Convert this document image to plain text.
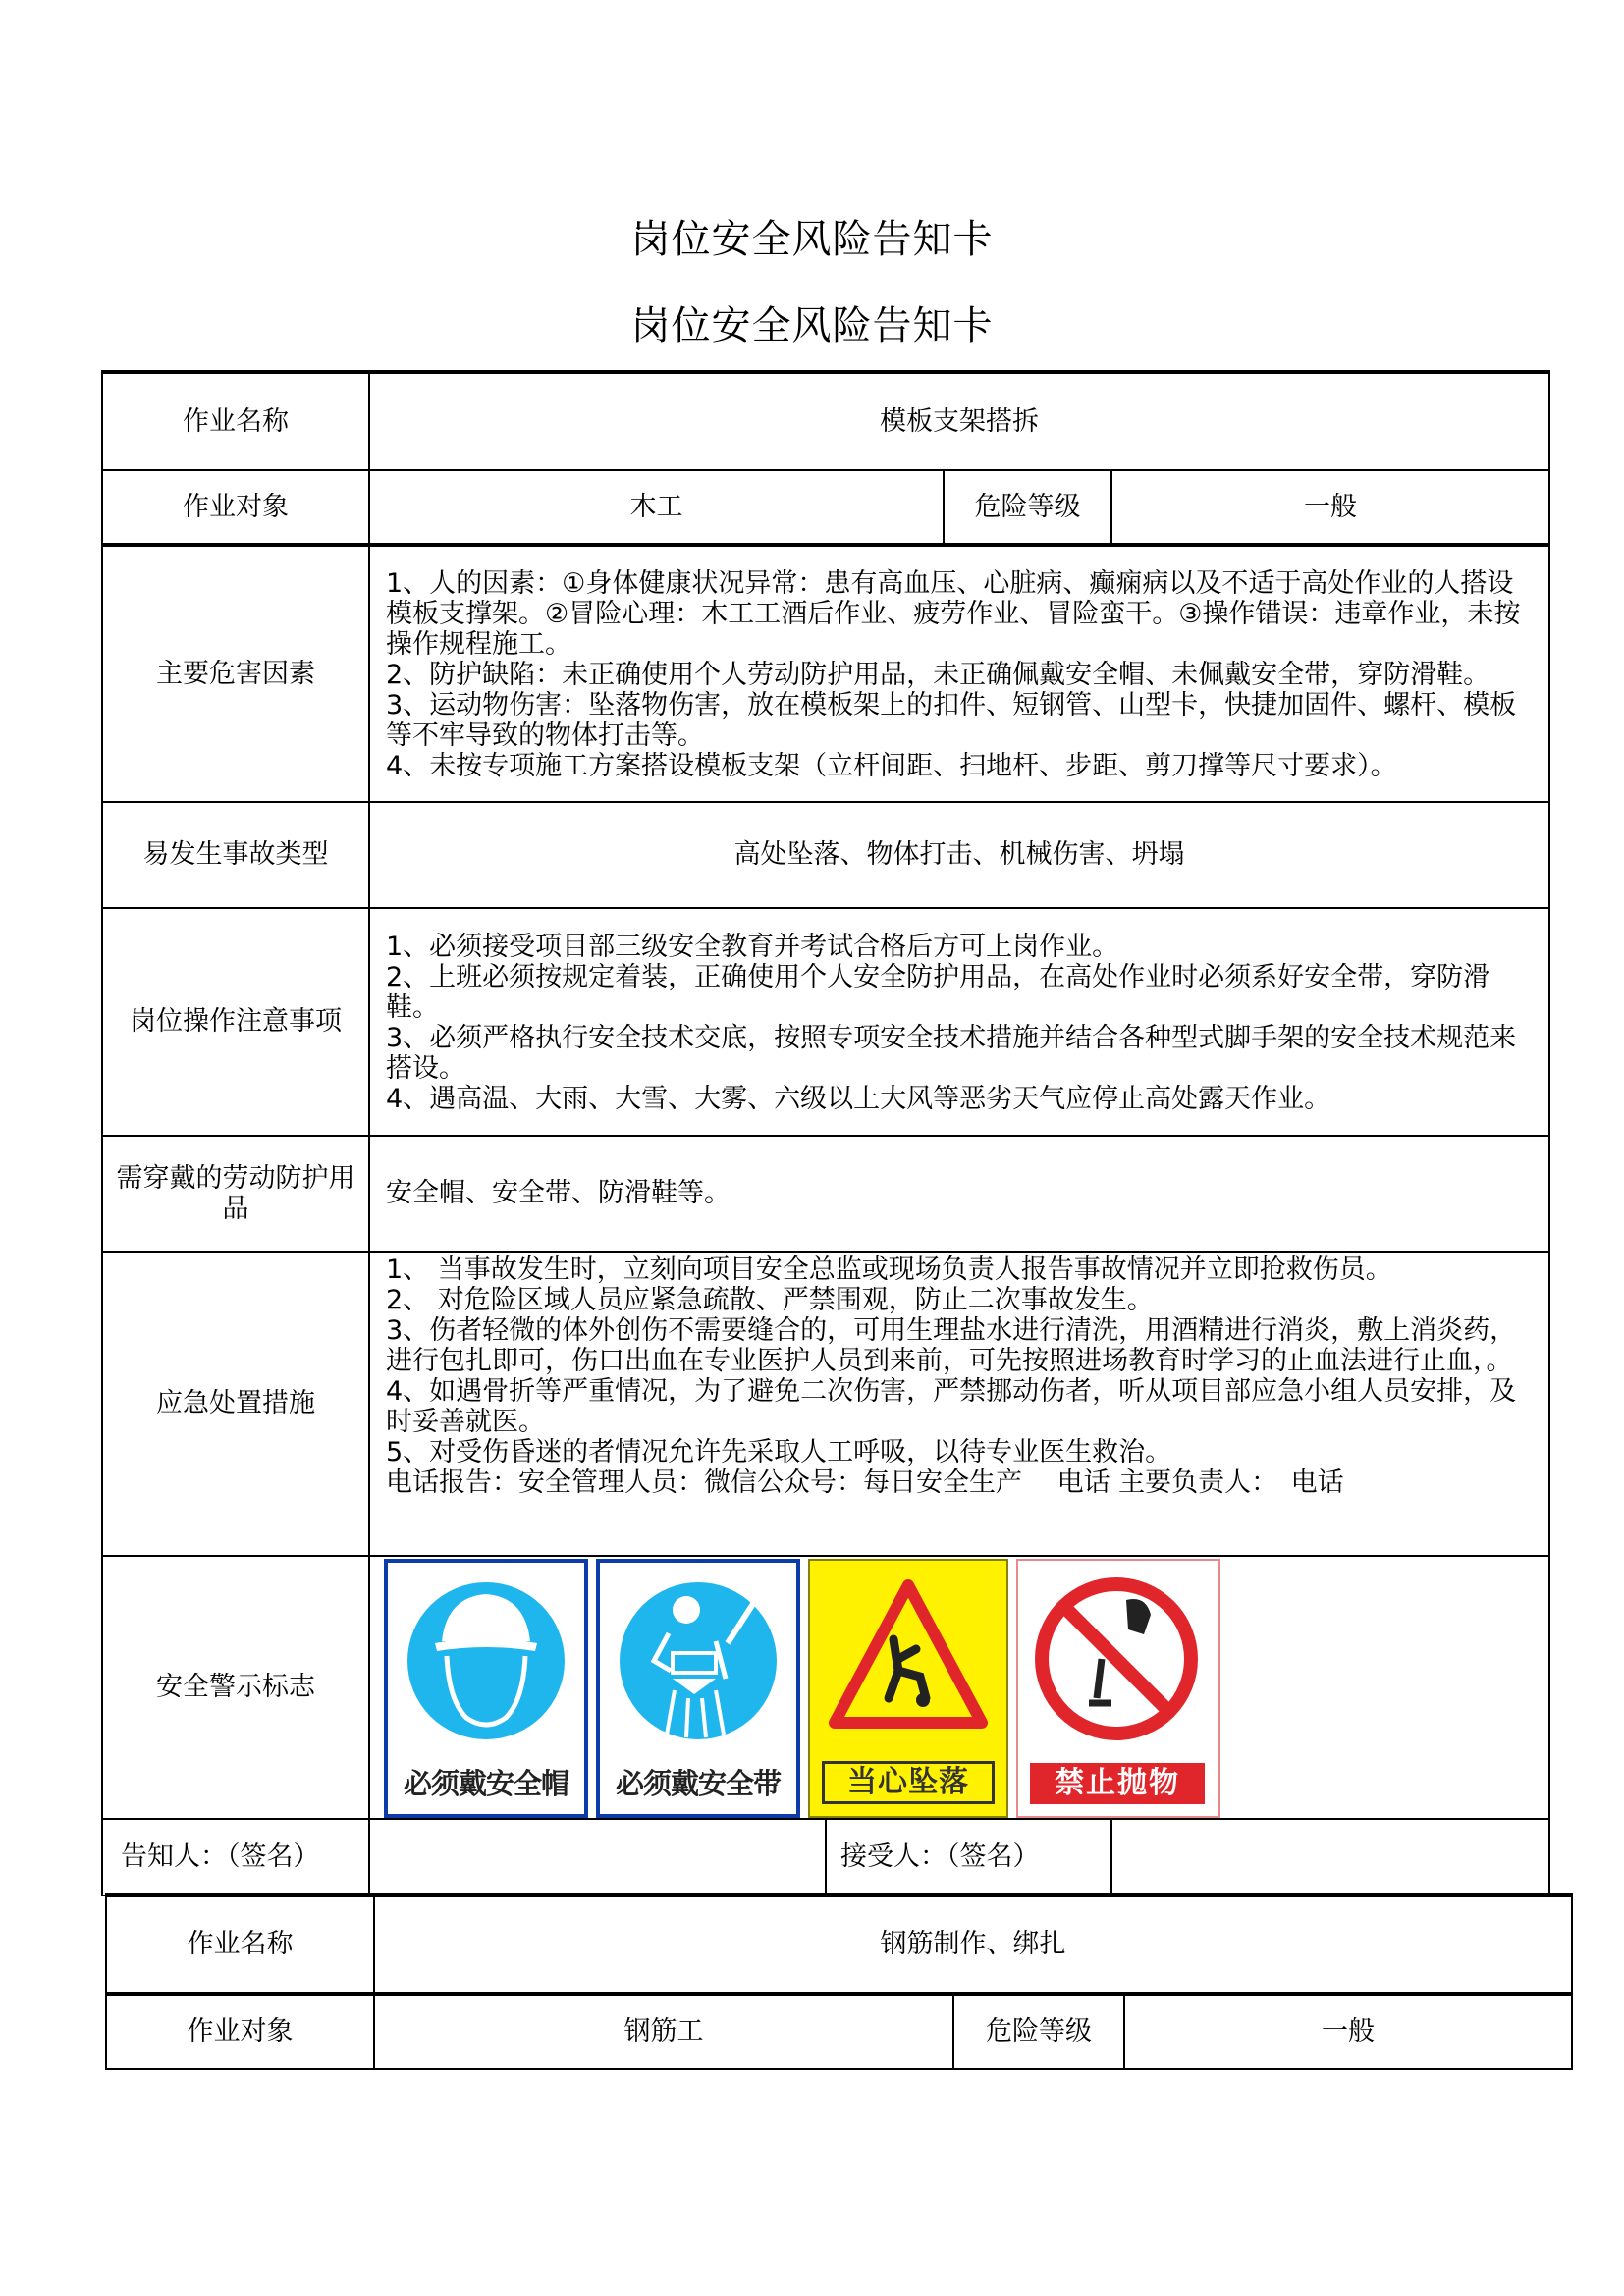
岗位安全风险告知卡
岗位安全风险告知卡
作业名称	模板支架搭拆			
作业对象	木工		危险等级	一般
主要危害因素	1、人的因素：①身体健康状况异常：患有高血压、心脏病、癫痫病以及不适于高处作业的人搭设模板支撑架。②冒险心理：木工工酒后作业、疲劳作业、冒险蛮干。③操作错误：违章作业，未按操作规程施工。

2、防护缺陷：未正确使用个人劳动防护用品，未正确佩戴安全帽、未佩戴安全带，穿防滑鞋。

3、运动物伤害：坠落物伤害，放在模板架上的扣件、短钢管、山型卡，快捷加固件、螺杆、模板等不牢导致的物体打击等。

4、未按专项施工方案搭设模板支架（立杆间距、扫地杆、步距、剪刀撑等尺寸要求）。			

易发生事故类型	高处坠落、物体打击、机械伤害、坍塌			
岗位操作注意事项	1、必须接受项目部三级安全教育并考试合格后方可上岗作业。

2、上班必须按规定着装，正确使用个人安全防护用品，在高处作业时必须系好安全带，穿防滑鞋。

3、必须严格执行安全技术交底，按照专项安全技术措施并结合各种型式脚手架的安全技术规范来搭设。

4、遇高温、大雨、大雪、大雾、六级以上大风等恶劣天气应停止高处露天作业。			

需穿戴的劳动防护用品	安全帽、安全带、防滑鞋等。			
应急处置措施	

1、 当事故发生时，立刻向项目安全总监或现场负责人报告事故情况并立即抢救伤员。

2、 对危险区域人员应紧急疏散、严禁围观，防止二次事故发生。

3、伤者轻微的体外创伤不需要缝合的，可用生理盐水进行清洗，用酒精进行消炎，敷上消炎药，进行包扎即可，伤口出血在专业医护人员到来前，可先按照进场教育时学习的止血法进行止血，。

4、如遇骨折等严重情况，为了避免二次伤害，严禁挪动伤者，听从项目部应急小组人员安排，及时妥善就医。

5、对受伤昏迷的者情况允许先采取人工呼吸，以待专业医生救治。

电话报告：安全管理人员：微信公众号：每日安全生产　 电话 主要负责人：　电话

安全警示标志	必须戴安全帽 必须戴安全带 当心坠落 禁止抛物			

告知人：（签名）		接受人：（签名）		
作业名称	钢筋制作、绑扎		
作业对象	钢筋工	危险等级	一般
